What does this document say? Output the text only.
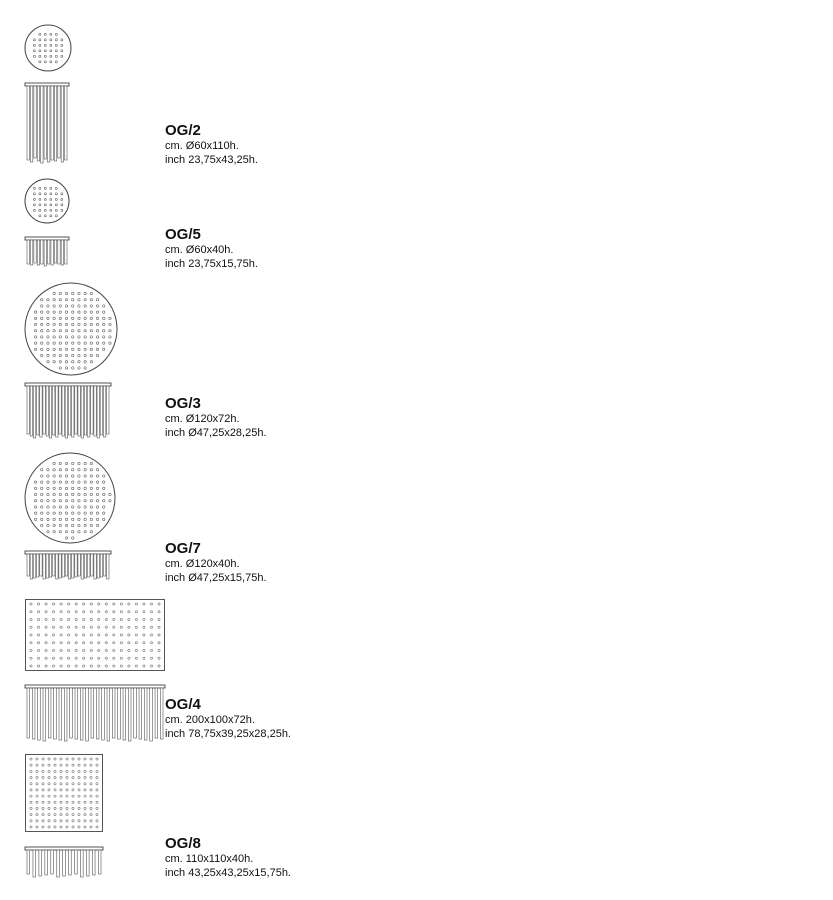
OG/2
cm. Ø60x110h.
inch 23,75x43,25h.
OG/5
cm. Ø60x40h.
inch 23,75x15,75h.
OG/3
cm. Ø120x72h.
inch Ø47,25x28,25h.
OG/7
cm. Ø120x40h.
inch Ø47,25x15,75h.
OG/4
cm. 200x100x72h.
inch 78,75x39,25x28,25h.
OG/8
cm. 110x110x40h.
inch 43,25x43,25x15,75h.
